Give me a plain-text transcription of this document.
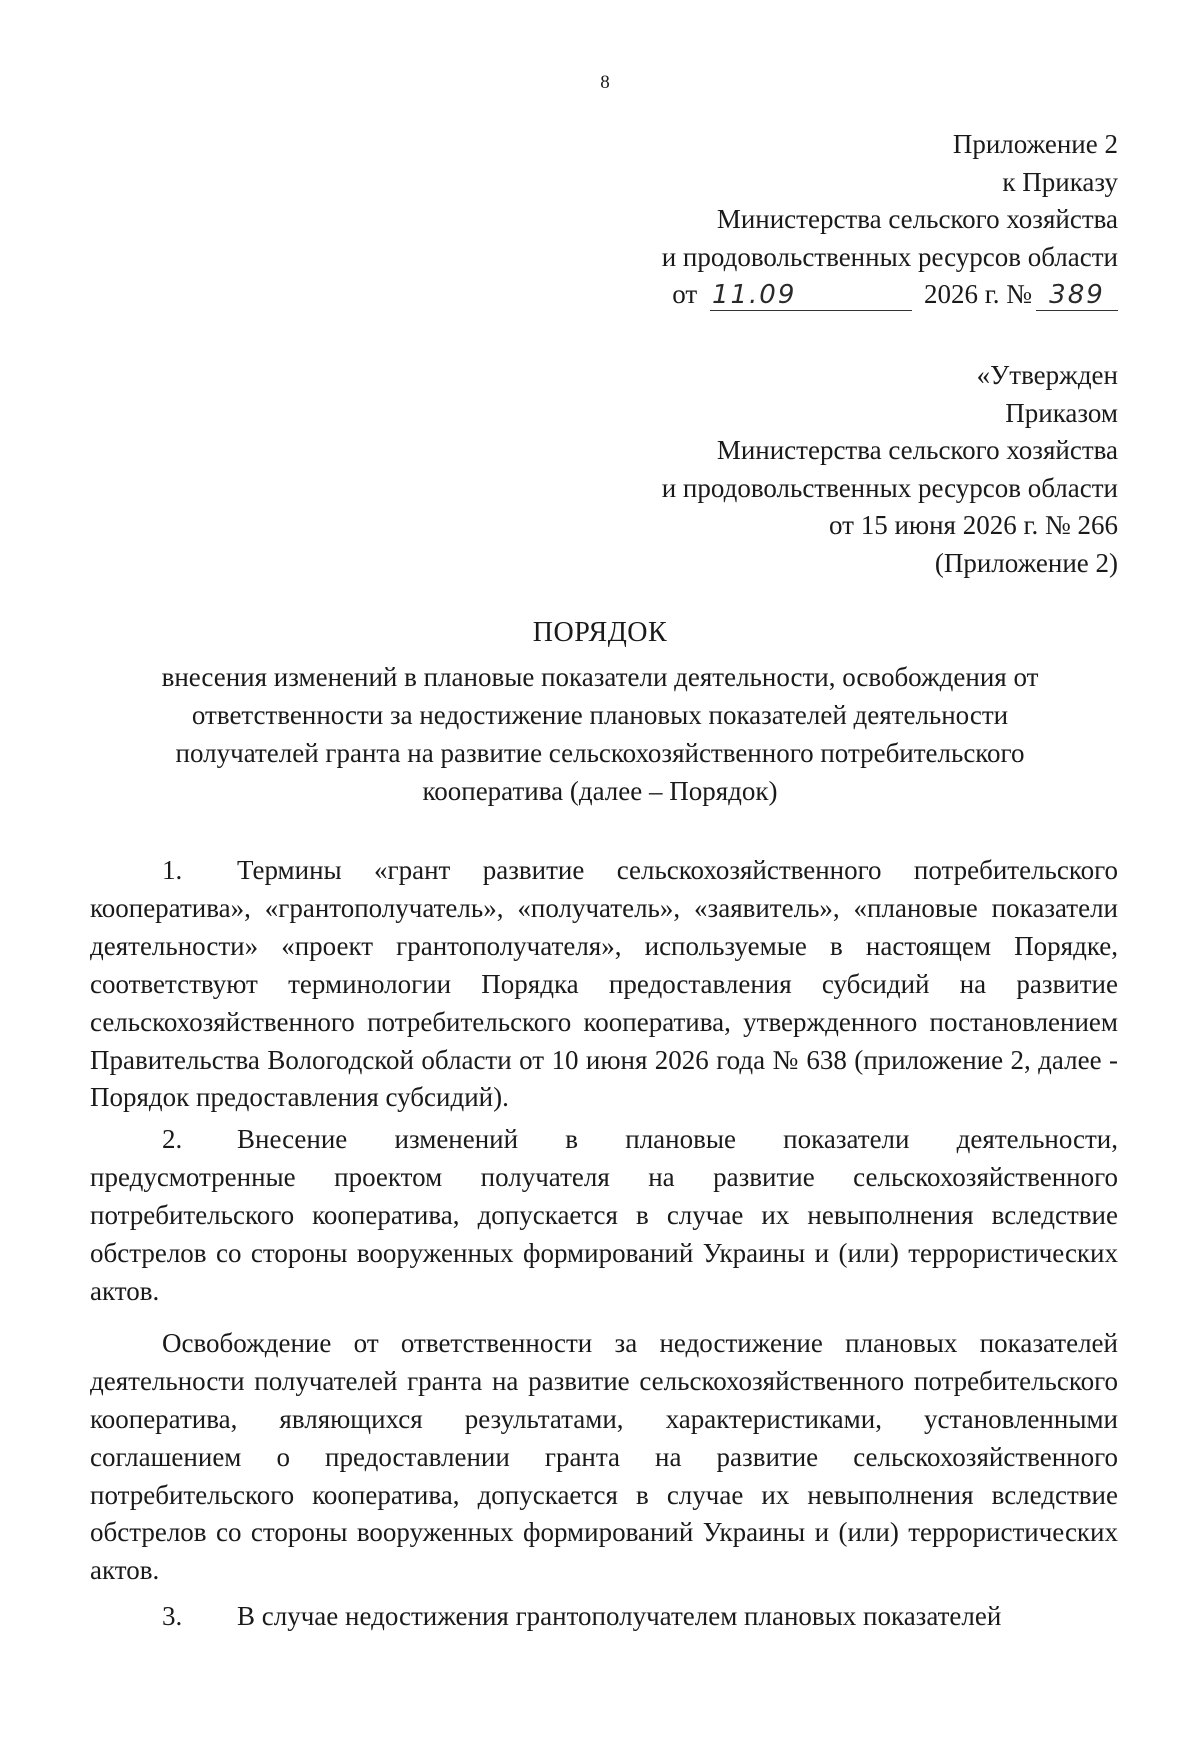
8
Приложение 2
к Приказу
Министерства сельского хозяйства
и продовольственных ресурсов области
от 11.09	2026 г. № 389
«Утвержден
Приказом
Министерства сельского хозяйства
и продовольственных ресурсов области
от 15 июня 2026 г. № 266
(Приложение 2)
ПОРЯДОК
внесения изменений в плановые показатели деятельности, освобождения от
ответственности за недостижение плановых показателей деятельности
получателей гранта на развитие сельскохозяйственного потребительского
кооператива (далее – Порядок)

1. Термины «грант развитие сельскохозяйственного потребительского кооператива», «грантополучатель», «получатель», «заявитель», «плановые показатели деятельности» «проект грантополучателя», используемые в настоящем Порядке, соответствуют терминологии Порядка предоставления субсидий на развитие сельскохозяйственного потребительского кооператива, утвержденного постановлением Правительства Вологодской области от 10 июня 2026 года № 638 (приложение 2, далее - Порядок предоставления субсидий).

2. Внесение изменений в плановые показатели деятельности, предусмотренные проектом получателя на развитие сельскохозяйственного потребительского кооператива, допускается в случае их невыполнения вследствие обстрелов со стороны вооруженных формирований Украины и (или) террористических актов.

Освобождение от ответственности за недостижение плановых показателей деятельности получателей гранта на развитие сельскохозяйственного потребительского кооператива, являющихся результатами, характеристиками, установленными соглашением о предоставлении гранта на развитие сельскохозяйственного потребительского кооператива, допускается в случае их невыполнения вследствие обстрелов со стороны вооруженных формирований Украины и (или) террористических актов.

3. В случае недостижения грантополучателем плановых показателей
